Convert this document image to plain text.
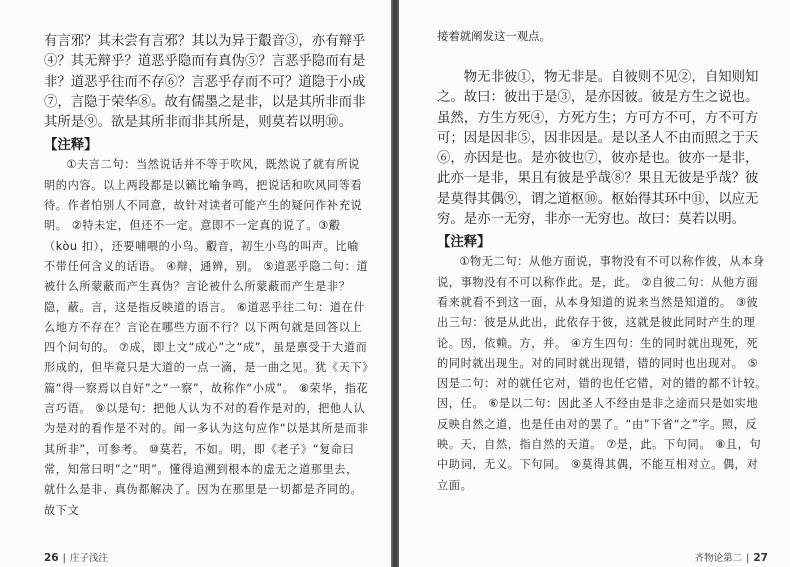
有言邪？其未尝有言邪？其以为异于鷇音③，亦有辩乎④？其无辩乎？道恶乎隐而有真伪⑤？言恶乎隐而有是非？道恶乎往而不存⑥？言恶乎存而不可？道隐于小成⑦，言隐于荣华⑧。故有儒墨之是非，以是其所非而非其所是⑨。欲是其所非而非其所是，则莫若以明⑩。

【注释】

①夫言二句：当然说话并不等于吹风，既然说了就有所说明的内容。以上两段都是以籁比喻争鸣，把说话和吹风同等看待。作者怕别人不同意，故针对读者可能产生的疑问作补充说明。 ②特未定，但还不一定。意即不一定真的说了。③鷇（kòu 扣），还要哺喂的小鸟。鷇音，初生小鸟的叫声。比喻不带任何含义的话语。 ④辩，通辨，别。 ⑤道恶乎隐二句：道被什么所蒙蔽而产生真伪？言论被什么所蒙蔽而产生是非？隐，蔽。言，这是指反映道的语言。 ⑥道恶乎往二句：道在什么地方不存在？言论在哪些方面不行？以下两句就是回答以上四个问句的。 ⑦成，即上文“成心”之“成”，虽是禀受于大道而形成的，但毕竟只是大道的一点一滴，是一曲之见。犹《天下》篇“得一察焉以自好”之“一察”，故称作“小成”。 ⑧荣华，指花言巧语。 ⑨以是句：把他人认为不对的看作是对的，把他人认为是对的看作是不对的。闻一多认为这句应作“以是其所是而非其所非”，可参考。 ⑩莫若，不如。明，即《老子》“复命曰常，知常曰明”之“明”。懂得追溯到根本的虚无之道那里去，就什么是非、真伪都解决了。因为在那里是一切都是齐同的。故下文

26 | 庄子浅注

接着就阐发这一观点。

物无非彼①，物无非是。自彼则不见②，自知则知之。故曰：彼出于是③，是亦因彼。彼是方生之说也。虽然，方生方死④，方死方生；方可方不可，方不可方可；因是因非⑤，因非因是。是以圣人不由而照之于天⑥，亦因是也。是亦彼也⑦，彼亦是也。彼亦一是非，此亦一是非，果且有彼是乎哉⑧？果且无彼是乎哉？彼是莫得其偶⑨，谓之道枢⑩。枢始得其环中⑪，以应无穷。是亦一无穷，非亦一无穷也。故曰：莫若以明。

【注释】

①物无二句：从他方面说，事物没有不可以称作彼，从本身说，事物没有不可以称作此。是，此。 ②自彼二句：从他方面看来就看不到这一面，从本身知道的说来当然是知道的。 ③彼出三句：彼是从此出，此依存于彼，这就是彼此同时产生的理论。因，依赖。方，并。 ④方生四句：生的同时就出现死，死的同时就出现生。对的同时就出现错，错的同时也出现对。 ⑤因是二句：对的就任它对，错的也任它错，对的错的都不计较。因，任。 ⑥是以二句：因此圣人不经由是非之途而只是如实地反映自然之道，也是任由对的罢了。“由”下省“之”字。照，反映。天，自然，指自然的天道。 ⑦是，此。下句同。 ⑧且，句中助词，无义。下句同。 ⑨莫得其偶，不能互相对立。偶，对立面。

齐物论第二 | 27
